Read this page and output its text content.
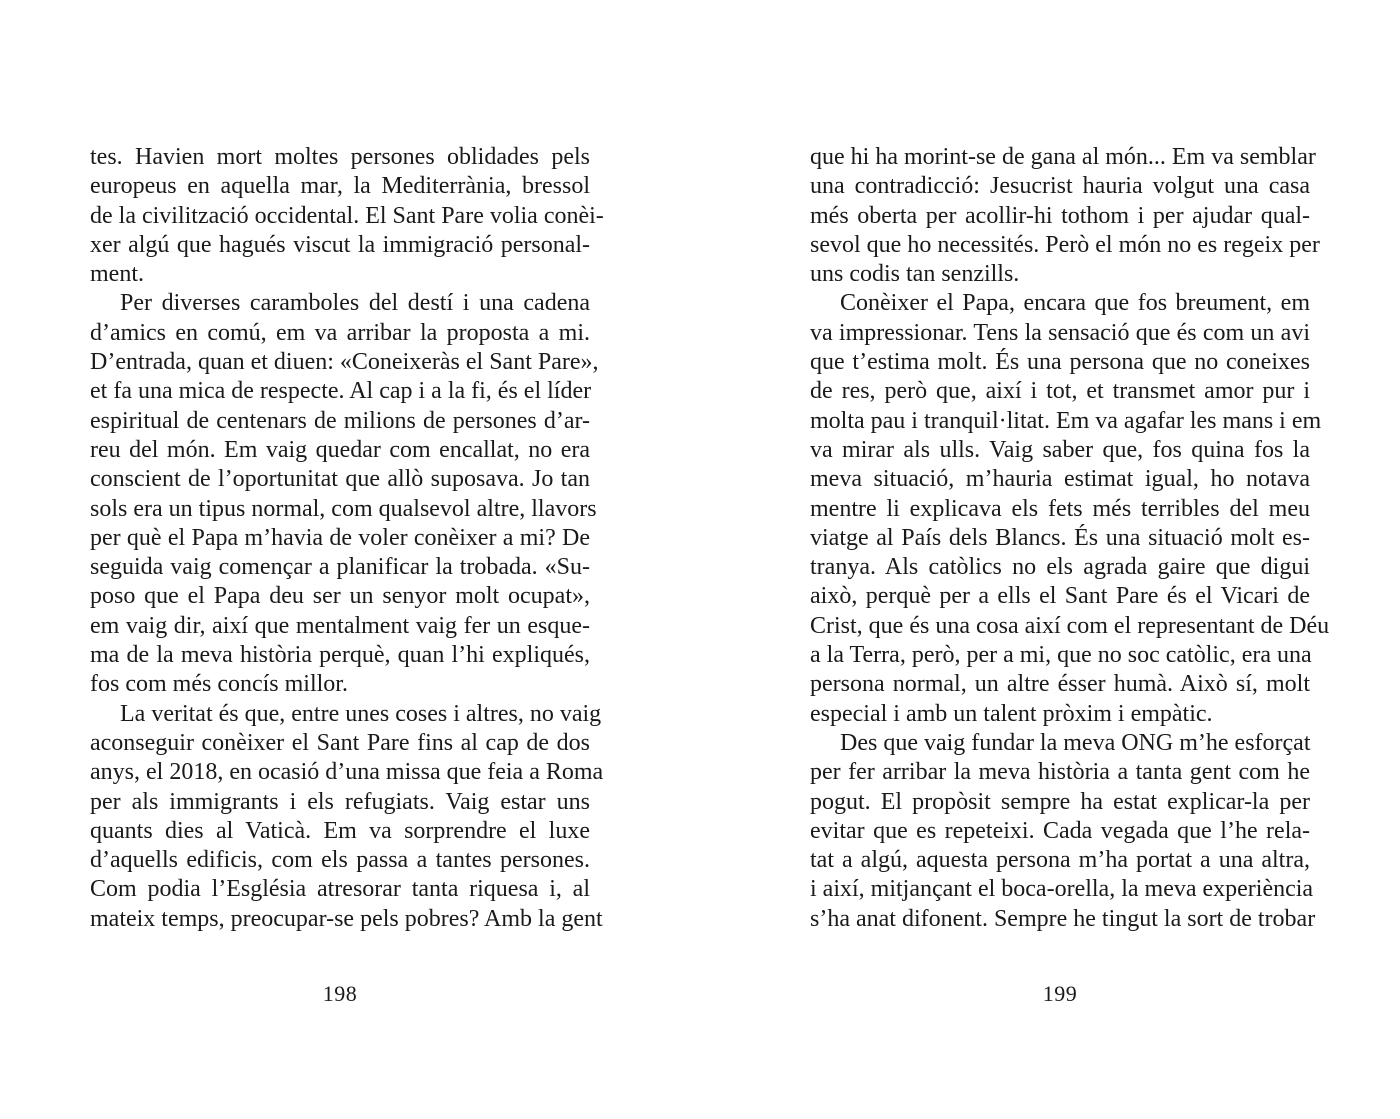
tes. Havien mort moltes persones oblidades pels
europeus en aquella mar, la Mediterrània, bressol
de la civilització occidental. El Sant Pare volia conèi-
xer algú que hagués viscut la immigració personal-
ment.
Per diverses caramboles del destí i una cadena
d’amics en comú, em va arribar la proposta a mi.
D’entrada, quan et diuen: «Coneixeràs el Sant Pare»,
et fa una mica de respecte. Al cap i a la fi, és el líder
espiritual de centenars de milions de persones d’ar-
reu del món. Em vaig quedar com encallat, no era
conscient de l’oportunitat que allò suposava. Jo tan
sols era un tipus normal, com qualsevol altre, llavors
per què el Papa m’havia de voler conèixer a mi? De
seguida vaig començar a planificar la trobada. «Su-
poso que el Papa deu ser un senyor molt ocupat»,
em vaig dir, així que mentalment vaig fer un esque-
ma de la meva història perquè, quan l’hi expliqués,
fos com més concís millor.
La veritat és que, entre unes coses i altres, no vaig
aconseguir conèixer el Sant Pare fins al cap de dos
anys, el 2018, en ocasió d’una missa que feia a Roma
per als immigrants i els refugiats. Vaig estar uns
quants dies al Vaticà. Em va sorprendre el luxe
d’aquells edificis, com els passa a tantes persones.
Com podia l’Església atresorar tanta riquesa i, al
mateix temps, preocupar-se pels pobres? Amb la gent
198
que hi ha morint-se de gana al món... Em va semblar
una contradicció: Jesucrist hauria volgut una casa
més oberta per acollir-hi tothom i per ajudar qual-
sevol que ho necessités. Però el món no es regeix per
uns codis tan senzills.
Conèixer el Papa, encara que fos breument, em
va impressionar. Tens la sensació que és com un avi
que t’estima molt. És una persona que no coneixes
de res, però que, així i tot, et transmet amor pur i
molta pau i tranquil·litat. Em va agafar les mans i em
va mirar als ulls. Vaig saber que, fos quina fos la
meva situació, m’hauria estimat igual, ho notava
mentre li explicava els fets més terribles del meu
viatge al País dels Blancs. És una situació molt es-
tranya. Als catòlics no els agrada gaire que digui
això, perquè per a ells el Sant Pare és el Vicari de
Crist, que és una cosa així com el representant de Déu
a la Terra, però, per a mi, que no soc catòlic, era una
persona normal, un altre ésser humà. Això sí, molt
especial i amb un talent pròxim i empàtic.
Des que vaig fundar la meva ONG m’he esforçat
per fer arribar la meva història a tanta gent com he
pogut. El propòsit sempre ha estat explicar-la per
evitar que es repeteixi. Cada vegada que l’he rela-
tat a algú, aquesta persona m’ha portat a una altra,
i així, mitjançant el boca-orella, la meva experiència
s’ha anat difonent. Sempre he tingut la sort de trobar
199
